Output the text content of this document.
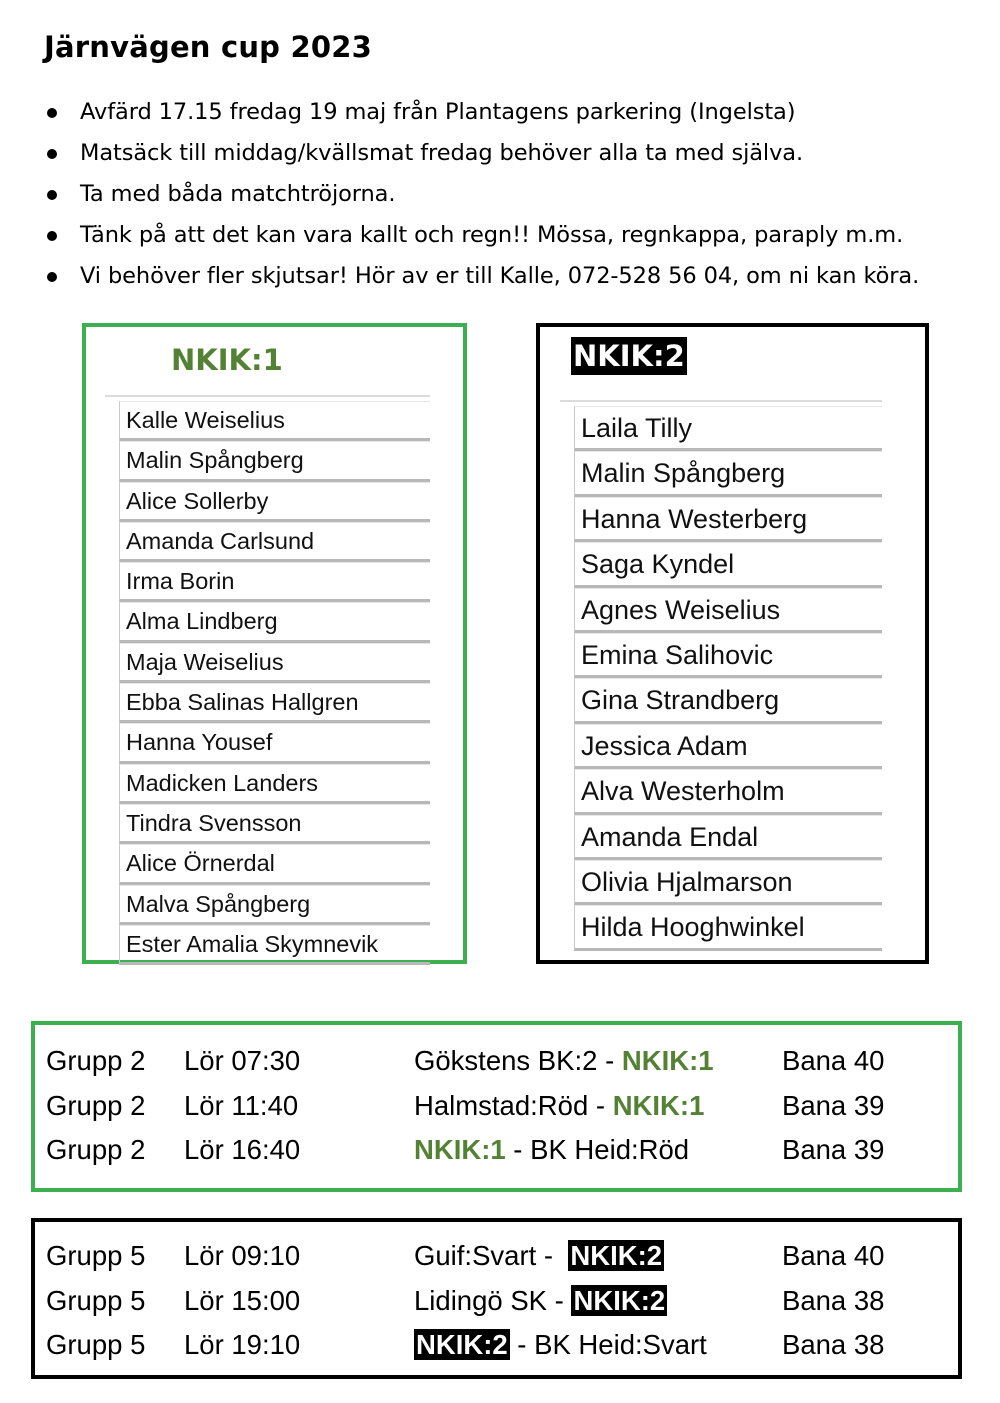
Järnvägen cup 2023
Avfärd 17.15 fredag 19 maj från Plantagens parkering (Ingelsta)
Matsäck till middag/kvällsmat fredag behöver alla ta med själva.
Ta med båda matchtröjorna.
Tänk på att det kan vara kallt och regn!! Mössa, regnkappa, paraply m.m.
Vi behöver fler skjutsar! Hör av er till Kalle, 072-528 56 04, om ni kan köra.
NKIK:1
Kalle Weiselius
Malin Spångberg
Alice Sollerby
Amanda Carlsund
Irma Borin
Alma Lindberg
Maja Weiselius
Ebba Salinas Hallgren
Hanna Yousef
Madicken Landers
Tindra Svensson
Alice Örnerdal
Malva Spångberg
Ester Amalia Skymnevik
NKIK:2
Laila Tilly
Malin Spångberg
Hanna Westerberg
Saga Kyndel
Agnes Weiselius
Emina Salihovic
Gina Strandberg
Jessica Adam
Alva Westerholm
Amanda Endal
Olivia Hjalmarson
Hilda Hooghwinkel
Grupp 2 Lör 07:30	Gökstens BK:2 - NKIK:1 Bana 40
Grupp 2 Lör 11:40	Halmstad:Röd - NKIK:1	Bana 39
Grupp 2 Lör 16:40	NKIK:1 - BK Heid:Röd	Bana 39
Grupp 5 Lör 09:10	Guif:Svart -  NKIK:2	Bana 40
Grupp 5 Lör 15:00	Lidingö SK - NKIK:2	Bana 38
Grupp 5 Lör 19:10	NKIK:2 - BK Heid:Svart	Bana 38
